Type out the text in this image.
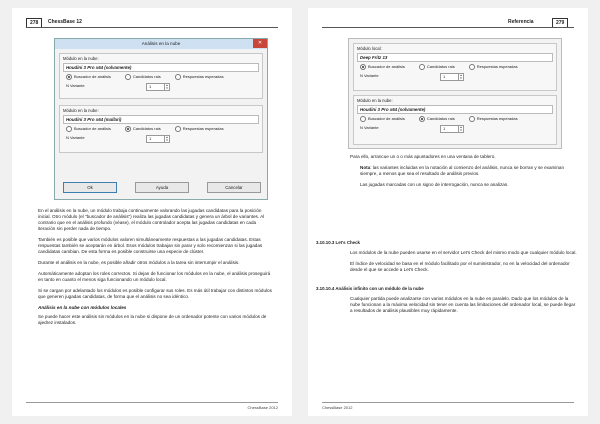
278	ChessBase 12
Análisis en la nube	✕
Módulo en la nube:
Houdini 3 Pro x64 (solvamente)
Buscador de análisis	Candidatos rais	Respuestas esperadas
N Variante	1	▴
▾
Módulo en la nube:
Houdini 3 Pro x64 (mallari)
Buscador de análisis	Candidatos rais	Respuestas esperadas
N Variante	1	▴
▾
Ok	Ayuda	Cancelar

En el análisis en la nube, un módulo trabaja continuamente valorando las jugadas candidatas para la posición inicial. Otro módulo (el "buscador de análisis") realiza las jugadas candidatas y genera un árbol de variantes. Al contrario que en el análisis profundo (véase), el módulo controlador acepta las jugadas candidatas en cada iteración sin perder nada de tiempo.

También es posible que varios módulos valoren simultáneamente respuestas a las jugadas candidatas. Estas respuestas también se aceptarán en árbol. Esos módulos trabajan sin parar y solo recomienzan si las jugadas candidatas cambian. De esta forma es posible construirse una especie de clúster.

Durante el análisis en la nube, es posible añadir otros módulos a la tarea sin interrumpir el análisis.

Automáticamente adoptan los roles correctos. Si dejan de funcionar los módulos en la nube, el análisis proseguirá en tanto en cuanto el menos siga funcionando un módulo local.

Si se cargan por adelantado los módulos es posible configurar sus roles. Es más útil trabajar con distintos módulos que generen jugadas candidatas, de forma que el análisis no sea idéntico.

Análisis en la nube con módulos locales

Se puede hacer este análisis sin módulos en la nube si dispone de un ordenador potente con varios módulos de ajedrez instalados.

ChessBase 2012
Referencia	279
Módulo local:
Deep Fritz 13
Buscador de análisis	Candidatos rais	Respuestas esperadas
N Variante	1	▴
▾
Módulo en la nube:
Houdini 3 Pro x64 (solvamente)
Buscador de análisis	Candidatos rais	Respuestas esperadas
N Variante	1	▴
▾

Para ello, arrancue un o o más apuntadores en una ventana de tablero.

Nota: las variantes incluidas en la notación al comienzo del análisis, nunca se borran y se examinan siempre, a menos que sea el resultado de análisis previos.

Las jugadas marcadas con un signo de interrogación, nunca se analizan.

3.10.10.3 Let's Check

Los módulos de la nube pueden usarse en el servidor Let's Check del mismo modo que cualquier módulo local.

El índice de velocidad se basa en el módulo facilitado por el suministrador, no en la velocidad del ordenador desde el que se accede a Let's Check.

3.10.10.4 Análisis infinito con un módulo de la nube

Cualquier partida puede analizarse con varios módulos en la nube en paralelo. Dado que los módulos de la nube funcionan a la máxima velocidad sin tener en cuenta las limitaciones del ordenador local, se puede llegar a resultados de análisis plausibles muy rápidamente.

ChessBase 2012
